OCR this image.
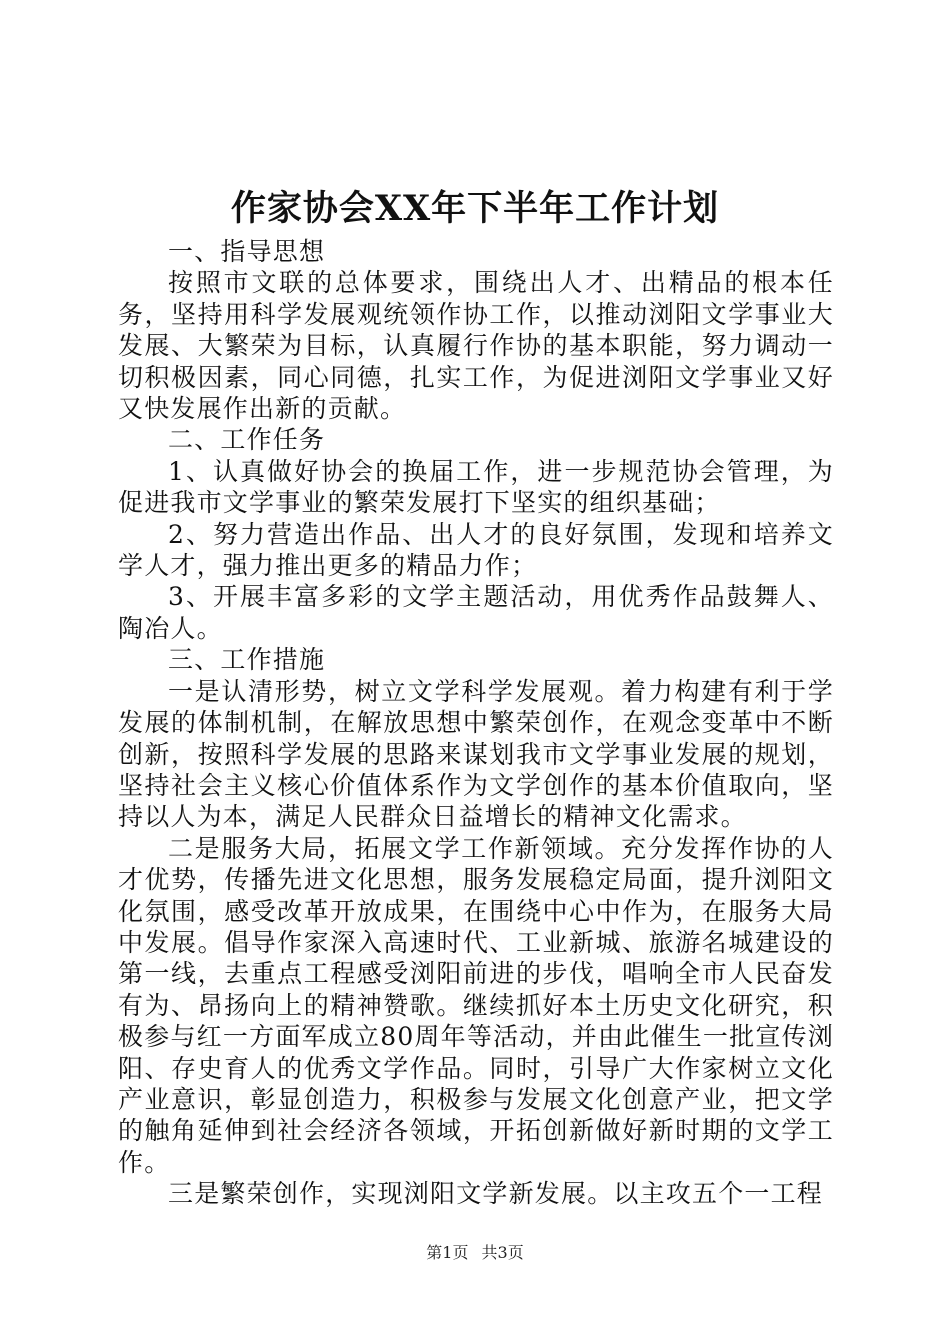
作家协会XX年下半年工作计划

一、指导思想

按照市文联的总体要求，围绕出人才、出精品的根本任务，坚持用科学发展观统领作协工作，以推动浏阳文学事业大发展、大繁荣为目标，认真履行作协的基本职能，努力调动一切积极因素，同心同德，扎实工作，为促进浏阳文学事业又好又快发展作出新的贡献。

二、工作任务

1、认真做好协会的换届工作，进一步规范协会管理，为促进我市文学事业的繁荣发展打下坚实的组织基础；

2、努力营造出作品、出人才的良好氛围，发现和培养文学人才，强力推出更多的精品力作；

3、开展丰富多彩的文学主题活动，用优秀作品鼓舞人、陶冶人。

三、工作措施

一是认清形势，树立文学科学发展观。着力构建有利于学发展的体制机制，在解放思想中繁荣创作，在观念变革中不断创新，按照科学发展的思路来谋划我市文学事业发展的规划，坚持社会主义核心价值体系作为文学创作的基本价值取向，坚持以人为本，满足人民群众日益增长的精神文化需求。

二是服务大局，拓展文学工作新领域。充分发挥作协的人才优势，传播先进文化思想，服务发展稳定局面，提升浏阳文化氛围，感受改革开放成果，在围绕中心中作为，在服务大局中发展。倡导作家深入高速时代、工业新城、旅游名城建设的第一线，去重点工程感受浏阳前进的步伐，唱响全市人民奋发有为、昂扬向上的精神赞歌。继续抓好本土历史文化研究，积极参与红一方面军成立80周年等活动，并由此催生一批宣传浏阳、存史育人的优秀文学作品。同时，引导广大作家树立文化产业意识，彰显创造力，积极参与发展文化创意产业，把文学的触角延伸到社会经济各领域，开拓创新做好新时期的文学工作。

三是繁荣创作，实现浏阳文学新发展。以主攻五个一工程

第1页 共3页
